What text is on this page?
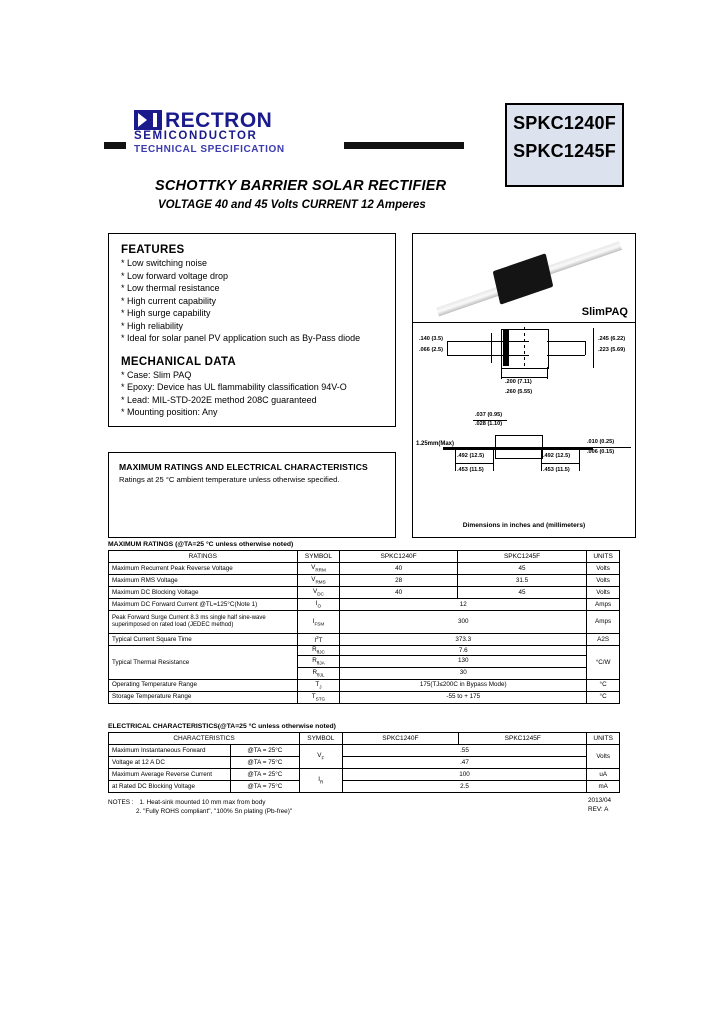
RECTRON
SEMICONDUCTOR
TECHNICAL SPECIFICATION
SPKC1240F
SPKC1245F
SCHOTTKY BARRIER SOLAR RECTIFIER
VOLTAGE 40 and 45 Volts CURRENT 12 Amperes
FEATURES
* Low switching noise
* Low forward voltage drop
* Low thermal resistance
* High current capability
* High surge capability
* High reliability
* Ideal for solar panel PV application such as By-Pass diode
MECHANICAL DATA
* Case: Slim PAQ
* Epoxy: Device has UL flammability classification 94V-O
* Lead: MIL-STD-202E method 208C guaranteed
* Mounting position: Any
MAXIMUM RATINGS AND ELECTRICAL CHARACTERISTICS
Ratings at 25 °C ambient temperature unless otherwise specified.
SlimPAQ
.140 (3.5)
.066 (2.5)
.245 (6.22)
.223 (5.69)
.200 (7.11)
.260 (5.55)
.037 (0.95)
.028 (1.10)
1.25mm(Max)	.010 (0.25)
.006 (0.15)
.492 (12.5)
.453 (11.5)
.492 (12.5)
.453 (11.5)
Dimensions in inches and (millimeters)
MAXIMUM RATINGS (@TA=25 °C unless otherwise noted)
RATINGS	SYMBOL	SPKC1240F	SPKC1245F	UNITS
Maximum Recurrent Peak Reverse Voltage	$V_{RRM}$	40	45	Volts
Maximum RMS Voltage	$V_{RMS}$	28	31.5	Volts
Maximum DC Blocking Voltage	$V_{DC}$	40	45	Volts
Maximum DC Forward Current @TL=125°C(Note 1)	$I_O$	12		Amps
Peak Forward Surge Current 8.3 ms single half sine-wave superimposed on rated load (JEDEC method)	$I_{FSM}$	300		Amps
Typical Current Square Time	$I^2T$	373.3		A2S
Typical Thermal Resistance	$R_{\theta JC}$	7.6		°C/W
	$R_{\theta JA}$	130		
	$R_{\theta JL}$	30		
Operating Temperature Range	$T_J$	175(TJ≤200C in Bypass Mode)		°C
Storage Temperature Range	$T_{STG}$	-55 to + 175		°C
ELECTRICAL CHARACTERISTICS(@TA=25 °C unless otherwise noted)
CHARACTERISTICS		SYMBOL	SPKC1240F	SPKC1245F	UNITS
Maximum Instantaneous Forward	@TA = 25°C	$V_F$	.55		Volts
Voltage at 12 A DC	@TA = 75°C		.47		
Maximum Average Reverse Current	@TA = 25°C	$I_R$	100		uA
at Rated DC Blocking Voltage	@TA = 75°C		2.5		mA
NOTES : 1. Heat-sink mounted 10 mm max from body
2. "Fully ROHS compliant", "100% Sn plating (Pb-free)"
2013/04
REV: A
